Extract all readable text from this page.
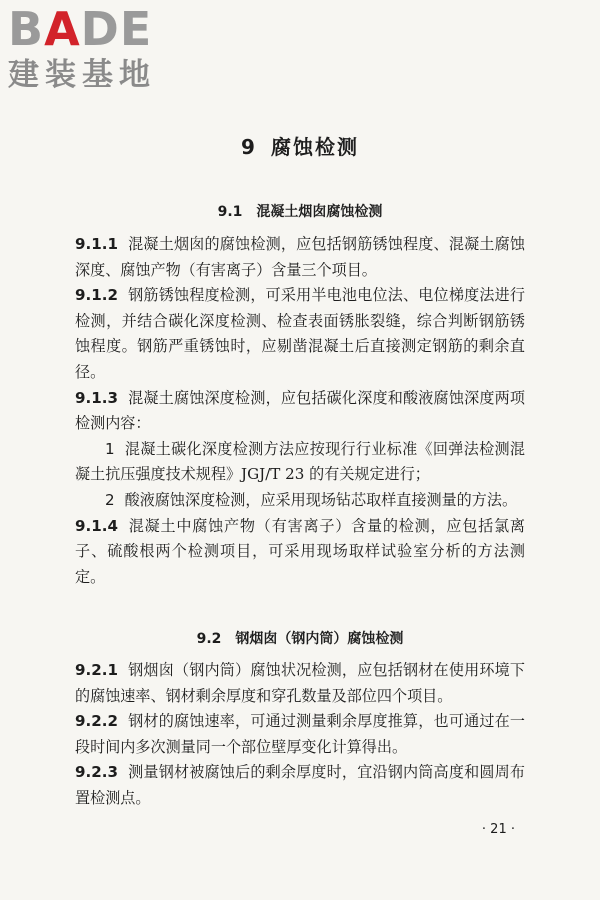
BADE
建装基地
9 腐蚀检测
9.1 混凝土烟囱腐蚀检测

9.1.1 混凝土烟囱的腐蚀检测，应包括钢筋锈蚀程度、混凝土腐蚀深度、腐蚀产物（有害离子）含量三个项目。

9.1.2 钢筋锈蚀程度检测，可采用半电池电位法、电位梯度法进行检测，并结合碳化深度检测、检查表面锈胀裂缝，综合判断钢筋锈蚀程度。钢筋严重锈蚀时，应剔凿混凝土后直接测定钢筋的剩余直径。

9.1.3 混凝土腐蚀深度检测，应包括碳化深度和酸液腐蚀深度两项检测内容：

1 混凝土碳化深度检测方法应按现行行业标准《回弹法检测混凝土抗压强度技术规程》JGJ/T 23 的有关规定进行；

2 酸液腐蚀深度检测，应采用现场钻芯取样直接测量的方法。

9.1.4 混凝土中腐蚀产物（有害离子）含量的检测，应包括氯离子、硫酸根两个检测项目，可采用现场取样试验室分析的方法测定。

9.2 钢烟囱（钢内筒）腐蚀检测

9.2.1 钢烟囱（钢内筒）腐蚀状况检测，应包括钢材在使用环境下的腐蚀速率、钢材剩余厚度和穿孔数量及部位四个项目。

9.2.2 钢材的腐蚀速率，可通过测量剩余厚度推算，也可通过在一段时间内多次测量同一个部位壁厚变化计算得出。

9.2.3 测量钢材被腐蚀后的剩余厚度时，宜沿钢内筒高度和圆周布置检测点。

· 21 ·
